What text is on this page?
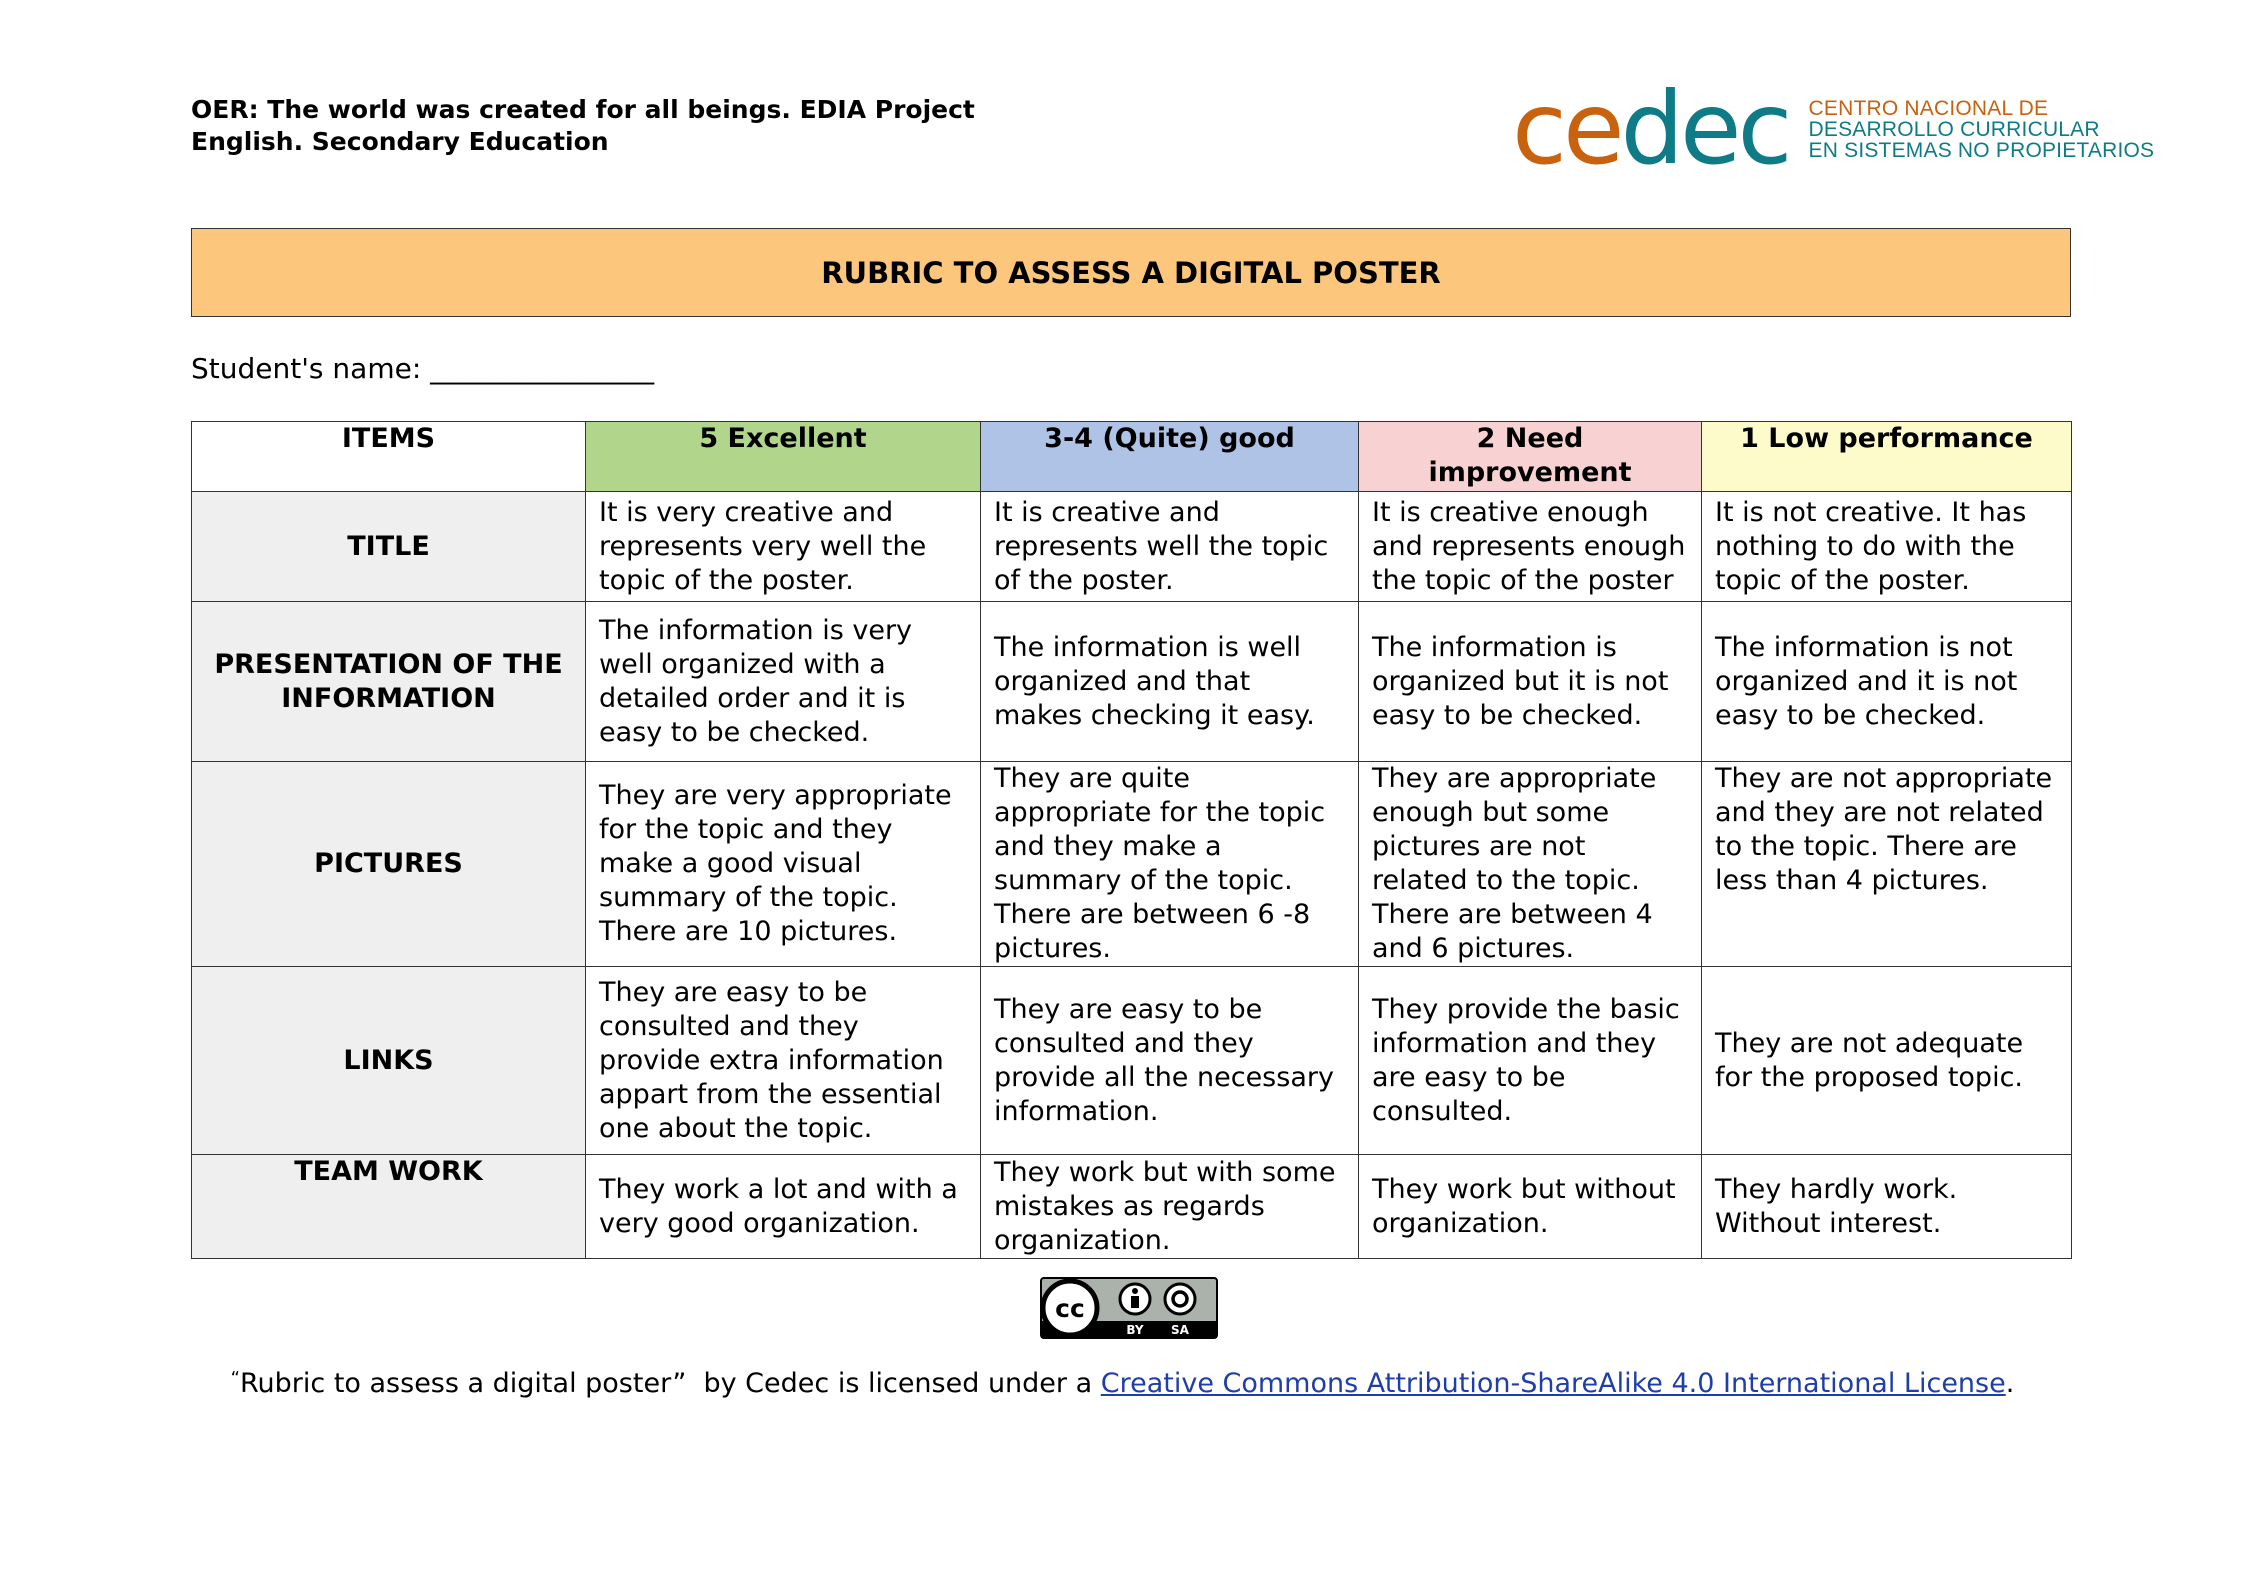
OER: The world was created for all beings. EDIA Project
English. Secondary Education	cedec CENTRO NACIONAL DE
DESARROLLO CURRICULAR
EN SISTEMAS NO PROPIETARIOS
RUBRIC TO ASSESS A DIGITAL POSTER
Student's name: ________________
ITEMS	5 Excellent	3-4 (Quite) good	2 Need improvement	1 Low performance
TITLE	It is very creative and represents very well the topic of the poster.	It is creative and represents well the topic of the poster.	It is creative enough and represents enough the topic of the poster	It is not creative. It has nothing to do with the topic of the poster.
PRESENTATION OF THE INFORMATION	The information is very well organized with a detailed order and it is easy to be checked.	The information is well organized and that makes checking it easy.	The information is organized but it is not easy to be checked.	The information is not organized and it is not easy to be checked.
PICTURES	They are very appropriate for the topic and they make a good visual summary of the topic. There are 10 pictures.	They are quite appropriate for the topic and they make a summary of the topic. There are between 6 -8 pictures.	They are appropriate enough but some pictures are not related to the topic. There are between 4 and 6 pictures.	They are not appropriate and they are not related to the topic. There are less than 4 pictures.
LINKS	They are easy to be consulted and they provide extra information appart from the essential one about the topic.	They are easy to be consulted and they provide all the necessary information.	They provide the basic information and they are easy to be consulted.	They are not adequate for the proposed topic.
TEAM WORK	They work a lot and with a very good organization.	They work but with some mistakes as regards organization.	They work but without organization.	They hardly work. Without interest.
cc
BY SA
“Rubric to assess a digital poster”  by Cedec is licensed under a Creative Commons Attribution-ShareAlike 4.0 International License.
